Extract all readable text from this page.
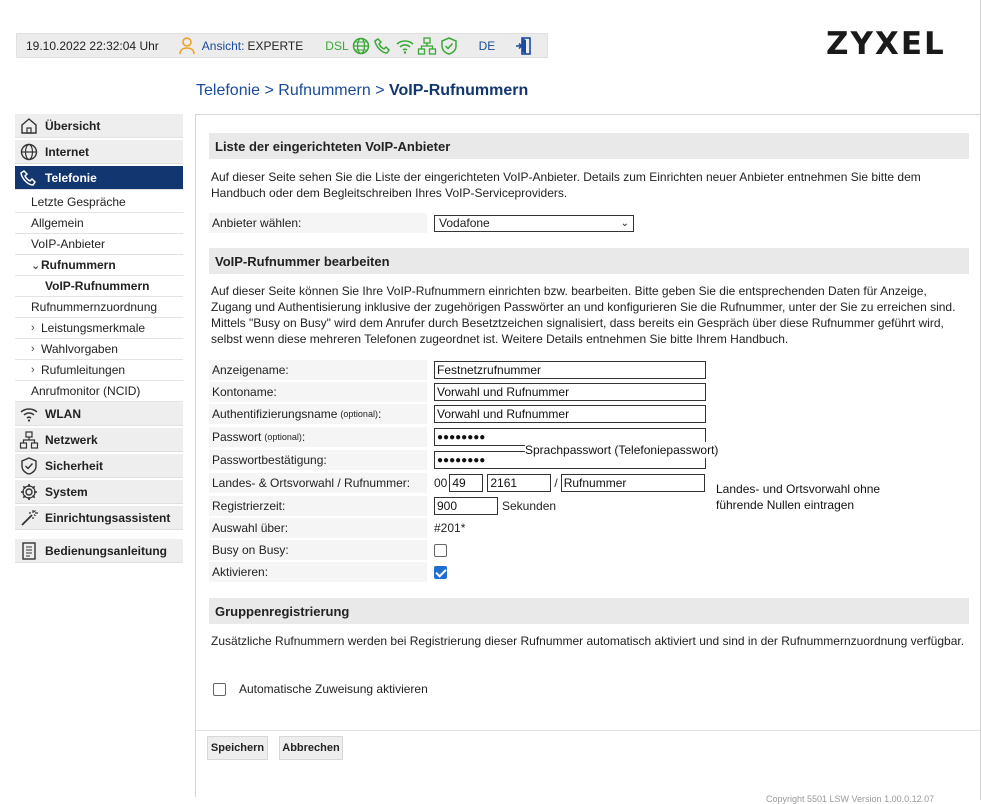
19.10.2022 22:32:04 Uhr	Ansicht: EXPERTE DSL	DE	ZYXEL
Telefonie > Rufnummern > VoIP-Rufnummern
Übersicht
Internet
Telefonie
Letzte Gespräche
Allgemein
VoIP-Anbieter
⌄ Rufnummern
VoIP-Rufnummern
Rufnummernzuordnung
› Leistungsmerkmale
› Wahlvorgaben
› Rufumleitungen
Anrufmonitor (NCID)
WLAN
Netzwerk
Sicherheit
System
Einrichtungsassistent
Bedienungsanleitung
Liste der eingerichteten VoIP-Anbieter
Auf dieser Seite sehen Sie die Liste der eingerichteten VoIP-Anbieter. Details zum Einrichten neuer Anbieter entnehmen Sie bitte dem Handbuch oder dem Begleitschreiben Ihres VoIP-Serviceproviders.
Anbieter wählen:	Vodafone	⌄
VoIP-Rufnummer bearbeiten
Auf dieser Seite können Sie Ihre VoIP-Rufnummern einrichten bzw. bearbeiten. Bitte geben Sie die entsprechenden Daten für Anzeige, Zugang und Authentisierung inklusive der zugehörigen Passwörter an und konfigurieren Sie die Rufnummer, unter der Sie zu erreichen sind. Mittels "Busy on Busy" wird dem Anrufer durch Besetztzeichen signalisiert, dass bereits ein Gespräch über diese Rufnummer geführt wird, selbst wenn diese mehreren Telefonen zugeordnet ist. Weitere Details entnehmen Sie bitte Ihrem Handbuch.
Anzeigename:	Festnetzrufnummer
Kontoname:	Vorwahl und Rufnummer
Authentifizierungsname (optional) :	Vorwahl und Rufnummer
Passwort (optional) :	●●●●●●●●
Passwortbestätigung:	●●●●●●●●
Landes- & Ortsvorwahl / Rufnummer:	00 49	2161	/ Rufnummer
Registrierzeit:	900	Sekunden
Auswahl über:	#201*
Busy on Busy:
Aktivieren:
Sprachpasswort (Telefoniepasswort)
Landes- und Ortsvorwahl ohne führende Nullen eintragen
Gruppenregistrierung
Zusätzliche Rufnummern werden bei Registrierung dieser Rufnummer automatisch aktiviert und sind in der Rufnummernzuordnung verfügbar.
Automatische Zuweisung aktivieren
Speichern	Abbrechen
Copyright 5501 LSW Version 1.00.0.12.07
